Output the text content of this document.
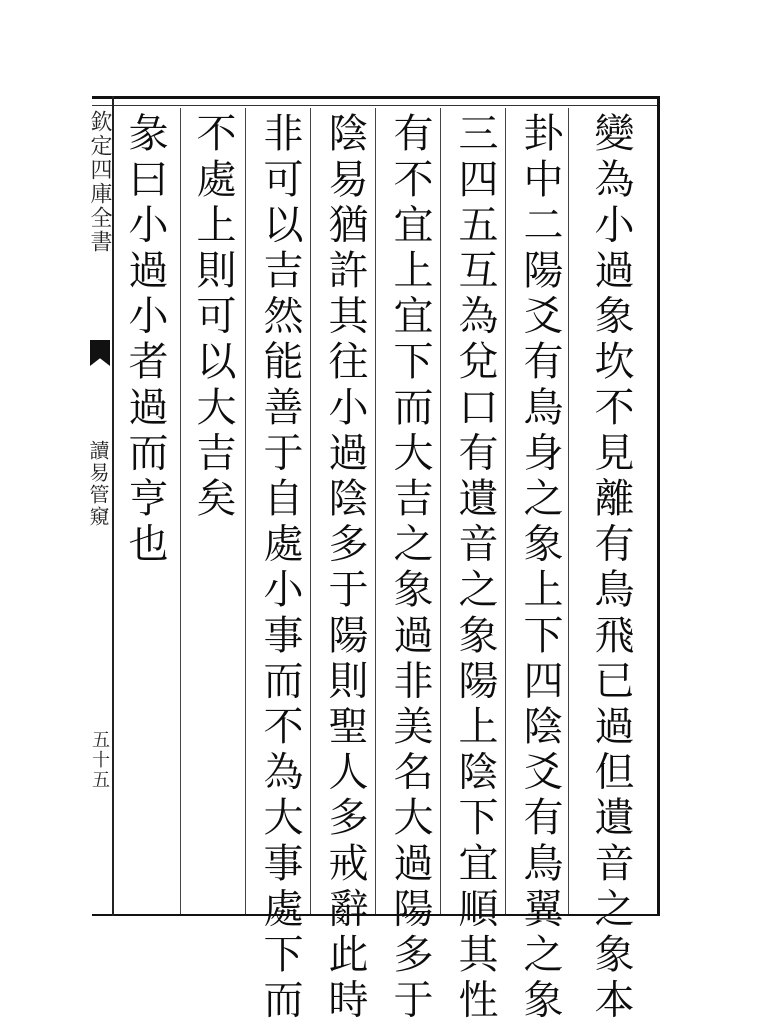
變為小過象坎不見離有鳥飛已過但遺音之象本
卦中二陽爻有鳥身之象上下四陰爻有鳥翼之象
三四五互為兌口有遺音之象陽上陰下宜順其性
有不宜上宜下而大吉之象過非美名大過陽多于
陰易猶許其往小過陰多于陽則聖人多戒辭此時
非可以吉然能善于自處小事而不為大事處下而
不處上則可以大吉矣
彖曰小過小者過而亨也
欽定四庫全書
讀易管窺
五十五
